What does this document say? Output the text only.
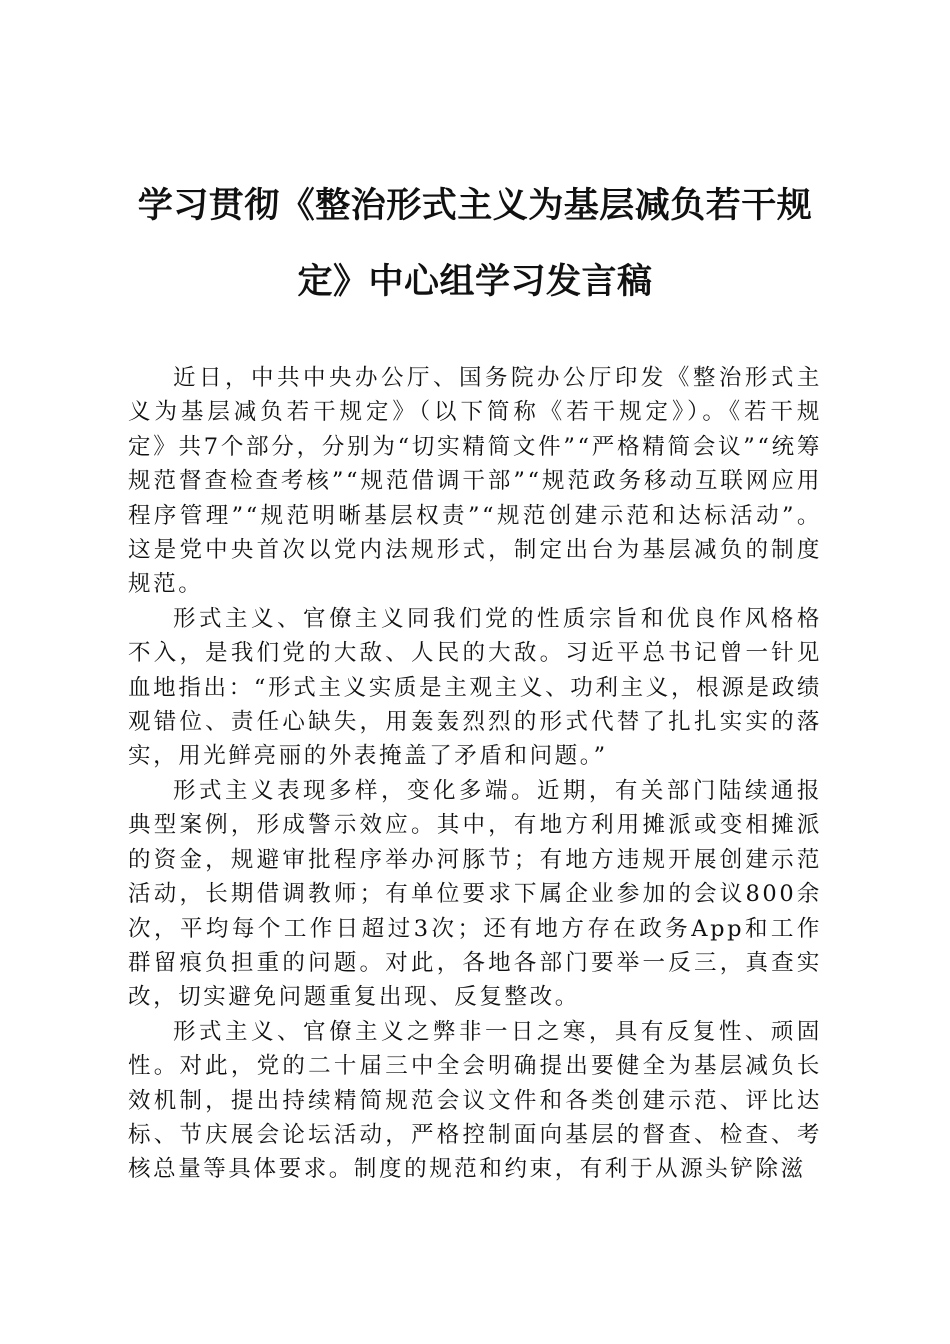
学习贯彻《整治形式主义为基层减负若干规定》中心组学习发言稿

近日，中共中央办公厅、国务院办公厅印发《整治形式主义为基层减负若干规定》（以下简称《若干规定》）。《若干规定》共7个部分，分别为“切实精简文件”“严格精简会议”“统筹规范督查检查考核”“规范借调干部”“规范政务移动互联网应用程序管理”“规范明晰基层权责”“规范创建示范和达标活动”。这是党中央首次以党内法规形式，制定出台为基层减负的制度规范。

形式主义、官僚主义同我们党的性质宗旨和优良作风格格不入，是我们党的大敌、人民的大敌。习近平总书记曾一针见血地指出：“形式主义实质是主观主义、功利主义，根源是政绩观错位、责任心缺失，用轰轰烈烈的形式代替了扎扎实实的落实，用光鲜亮丽的外表掩盖了矛盾和问题。”

形式主义表现多样，变化多端。近期，有关部门陆续通报典型案例，形成警示效应。其中，有地方利用摊派或变相摊派的资金，规避审批程序举办河豚节；有地方违规开展创建示范活动，长期借调教师；有单位要求下属企业参加的会议800余次，平均每个工作日超过3次；还有地方存在政务App和工作群留痕负担重的问题。对此，各地各部门要举一反三，真查实改，切实避免问题重复出现、反复整改。

形式主义、官僚主义之弊非一日之寒，具有反复性、顽固性。对此，党的二十届三中全会明确提出要健全为基层减负长效机制，提出持续精简规范会议文件和各类创建示范、评比达标、节庆展会论坛活动，严格控制面向基层的督查、检查、考核总量等具体要求。制度的规范和约束，有利于从源头铲除滋
